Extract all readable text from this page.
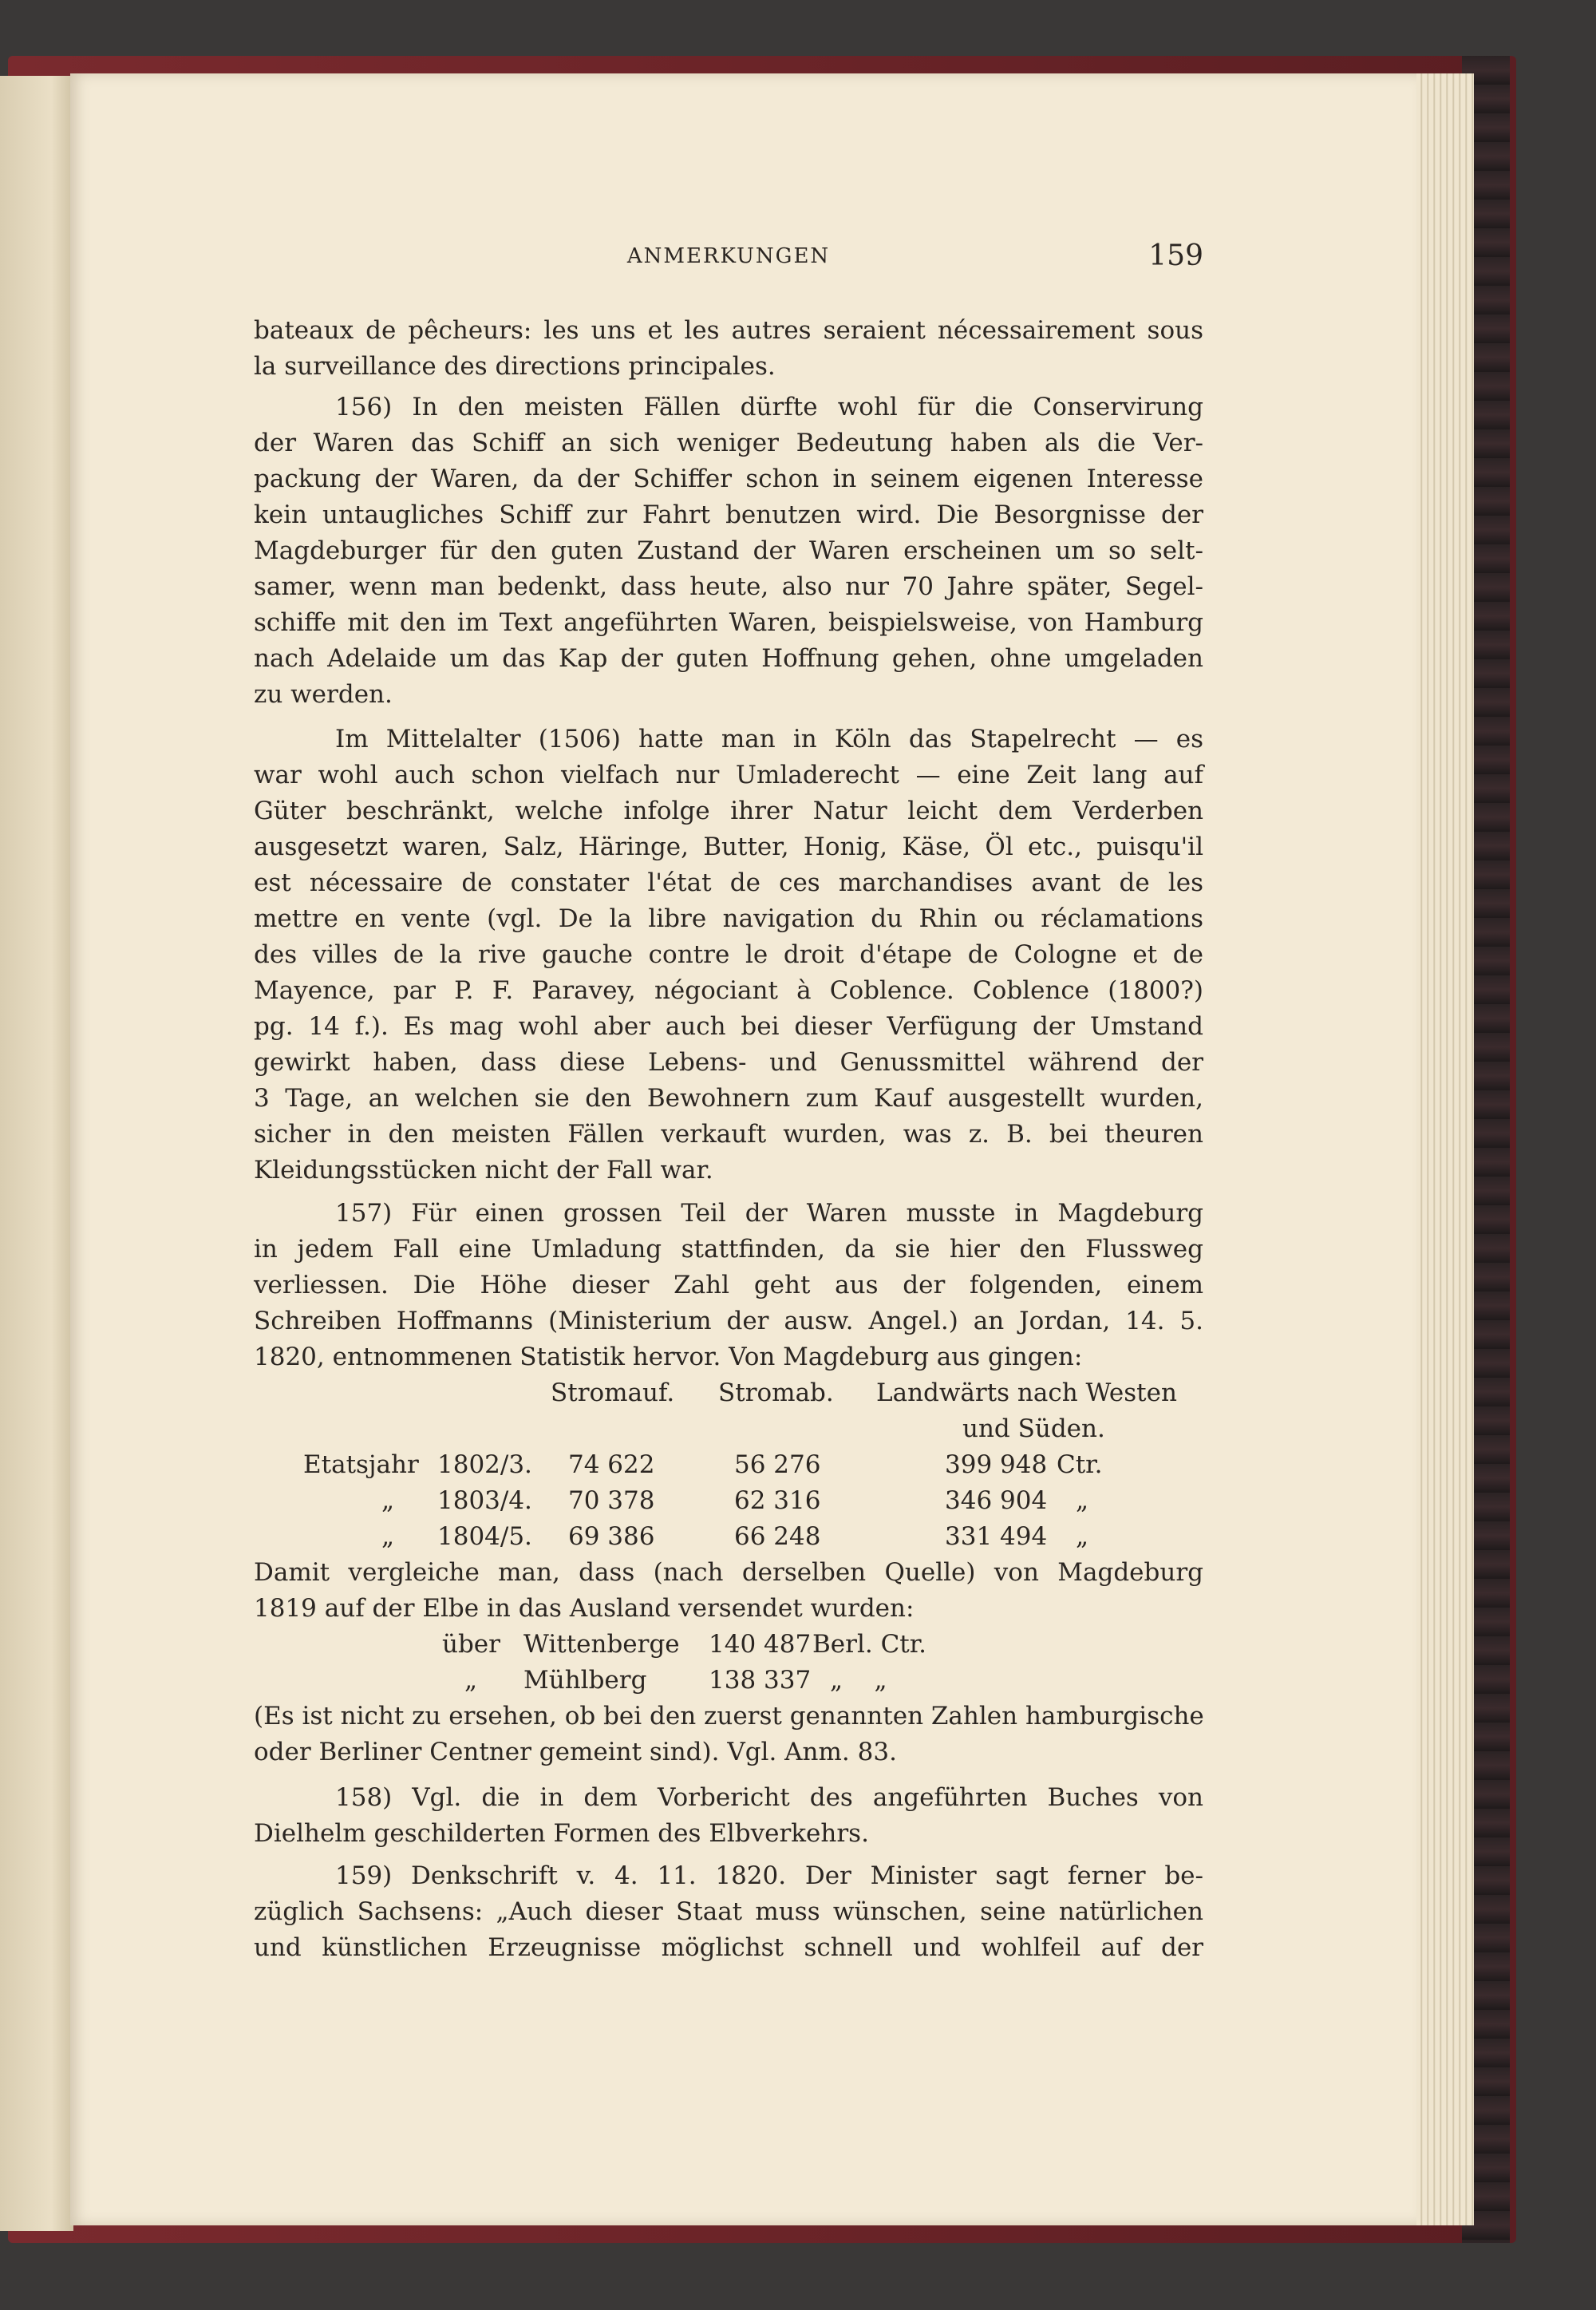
ANMERKUNGEN	159
bateaux de pêcheurs: les uns et les autres seraient nécessairement sous
la surveillance des directions principales.
156) In den meisten Fällen dürfte wohl für die Conservirung
der Waren das Schiff an sich weniger Bedeutung haben als die Ver-
packung der Waren, da der Schiffer schon in seinem eigenen Interesse
kein untaugliches Schiff zur Fahrt benutzen wird. Die Besorgnisse der
Magdeburger für den guten Zustand der Waren erscheinen um so selt-
samer, wenn man bedenkt, dass heute, also nur 70 Jahre später, Segel-
schiffe mit den im Text angeführten Waren, beispielsweise, von Hamburg
nach Adelaide um das Kap der guten Hoffnung gehen, ohne umgeladen
zu werden.
Im Mittelalter (1506) hatte man in Köln das Stapelrecht — es
war wohl auch schon vielfach nur Umladerecht — eine Zeit lang auf
Güter beschränkt, welche infolge ihrer Natur leicht dem Verderben
ausgesetzt waren, Salz, Häringe, Butter, Honig, Käse, Öl etc., puisqu'il
est nécessaire de constater l'état de ces marchandises avant de les
mettre en vente (vgl. De la libre navigation du Rhin ou réclamations
des villes de la rive gauche contre le droit d'étape de Cologne et de
Mayence, par P. F. Paravey, négociant à Coblence. Coblence (1800?)
pg. 14 f.). Es mag wohl aber auch bei dieser Verfügung der Umstand
gewirkt haben, dass diese Lebens- und Genussmittel während der
3 Tage, an welchen sie den Bewohnern zum Kauf ausgestellt wurden,
sicher in den meisten Fällen verkauft wurden, was z. B. bei theuren
Kleidungsstücken nicht der Fall war.
157) Für einen grossen Teil der Waren musste in Magdeburg
in jedem Fall eine Umladung stattfinden, da sie hier den Flussweg
verliessen. Die Höhe dieser Zahl geht aus der folgenden, einem
Schreiben Hoffmanns (Ministerium der ausw. Angel.) an Jordan, 14. 5.
1820, entnommenen Statistik hervor. Von Magdeburg aus gingen:
Stromauf. Stromab. Landwärts nach Westen
und Süden.
Etatsjahr 1802/3. 74 622	56 276	399 948 Ctr.
„ 1803/4. 70 378	62 316	346 904 „
„ 1804/5. 69 386	66 248	331 494 „
Damit vergleiche man, dass (nach derselben Quelle) von Magdeburg
1819 auf der Elbe in das Ausland versendet wurden:
über Wittenberge 140 487 Berl. Ctr.
„ Mühlberg	138 337 „    „
(Es ist nicht zu ersehen, ob bei den zuerst genannten Zahlen hamburgische
oder Berliner Centner gemeint sind). Vgl. Anm. 83.
158) Vgl. die in dem Vorbericht des angeführten Buches von
Dielhelm geschilderten Formen des Elbverkehrs.
159) Denkschrift v. 4. 11. 1820. Der Minister sagt ferner be-
züglich Sachsens: „Auch dieser Staat muss wünschen, seine natürlichen
und künstlichen Erzeugnisse möglichst schnell und wohlfeil auf der
